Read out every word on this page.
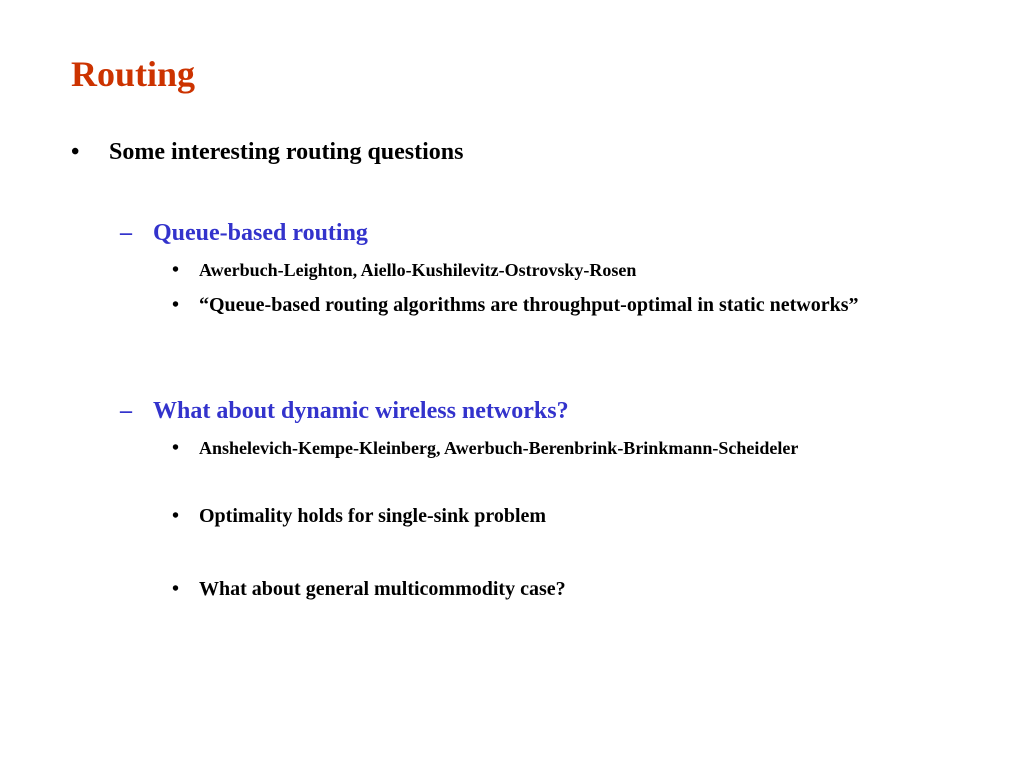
Routing
•	Some interesting routing questions
– Queue-based routing
•	Awerbuch-Leighton, Aiello-Kushilevitz-Ostrovsky-Rosen
• “Queue-based routing algorithms are throughput-optimal in static networks”
– What about dynamic wireless networks?
•	Anshelevich-Kempe-Kleinberg, Awerbuch-Berenbrink-Brinkmann-Scheideler
• Optimality holds for single-sink problem
• What about general multicommodity case?
